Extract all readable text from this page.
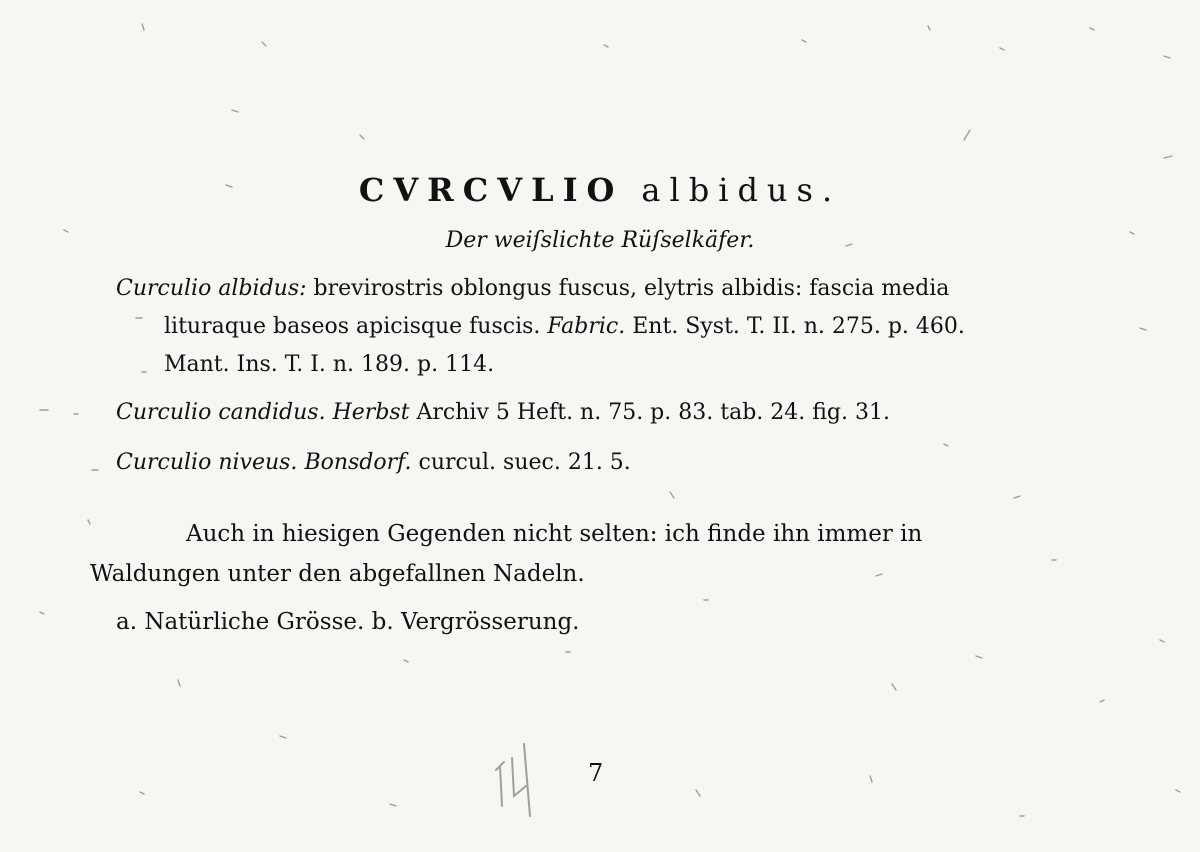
CVRCVLIO albidus.
Der weiſslichte Rüſselkäfer.
Curculio albidus: brevirostris oblongus fuscus, elytris albidis: fascia media
lituraque baseos apicisque fuscis. Fabric. Ent. Syst. T. II. n. 275. p. 460.
Mant. Ins. T. I. n. 189. p. 114.
Curculio candidus. Herbst Archiv 5 Heft. n. 75. p. 83. tab. 24. fig. 31.
Curculio niveus. Bonsdorf. curcul. suec. 21. 5.
Auch in hiesigen Gegenden nicht selten: ich finde ihn immer in
Waldungen unter den abgefallnen Nadeln.
a. Natürliche Grösse. b. Vergrösserung.
7
